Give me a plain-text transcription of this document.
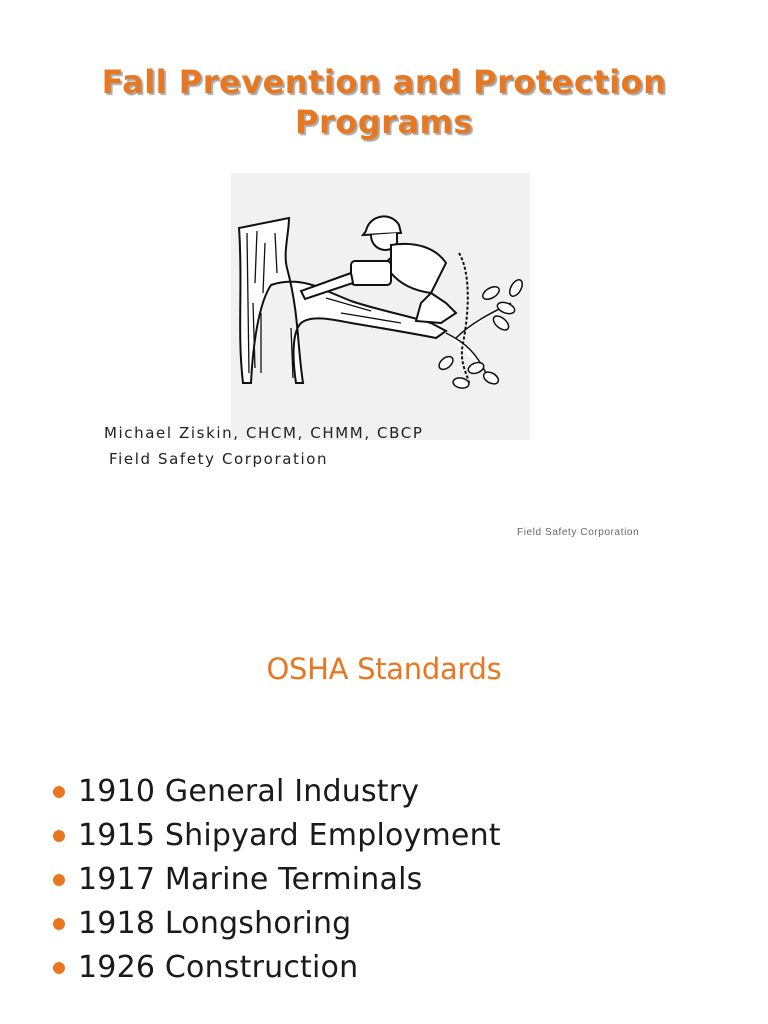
Fall Prevention and Protection
Programs
Michael Ziskin, CHCM, CHMM, CBCP
Field Safety Corporation
Field Safety Corporation
OSHA Standards
1910 General Industry
1915 Shipyard Employment
1917 Marine Terminals
1918 Longshoring
1926 Construction
